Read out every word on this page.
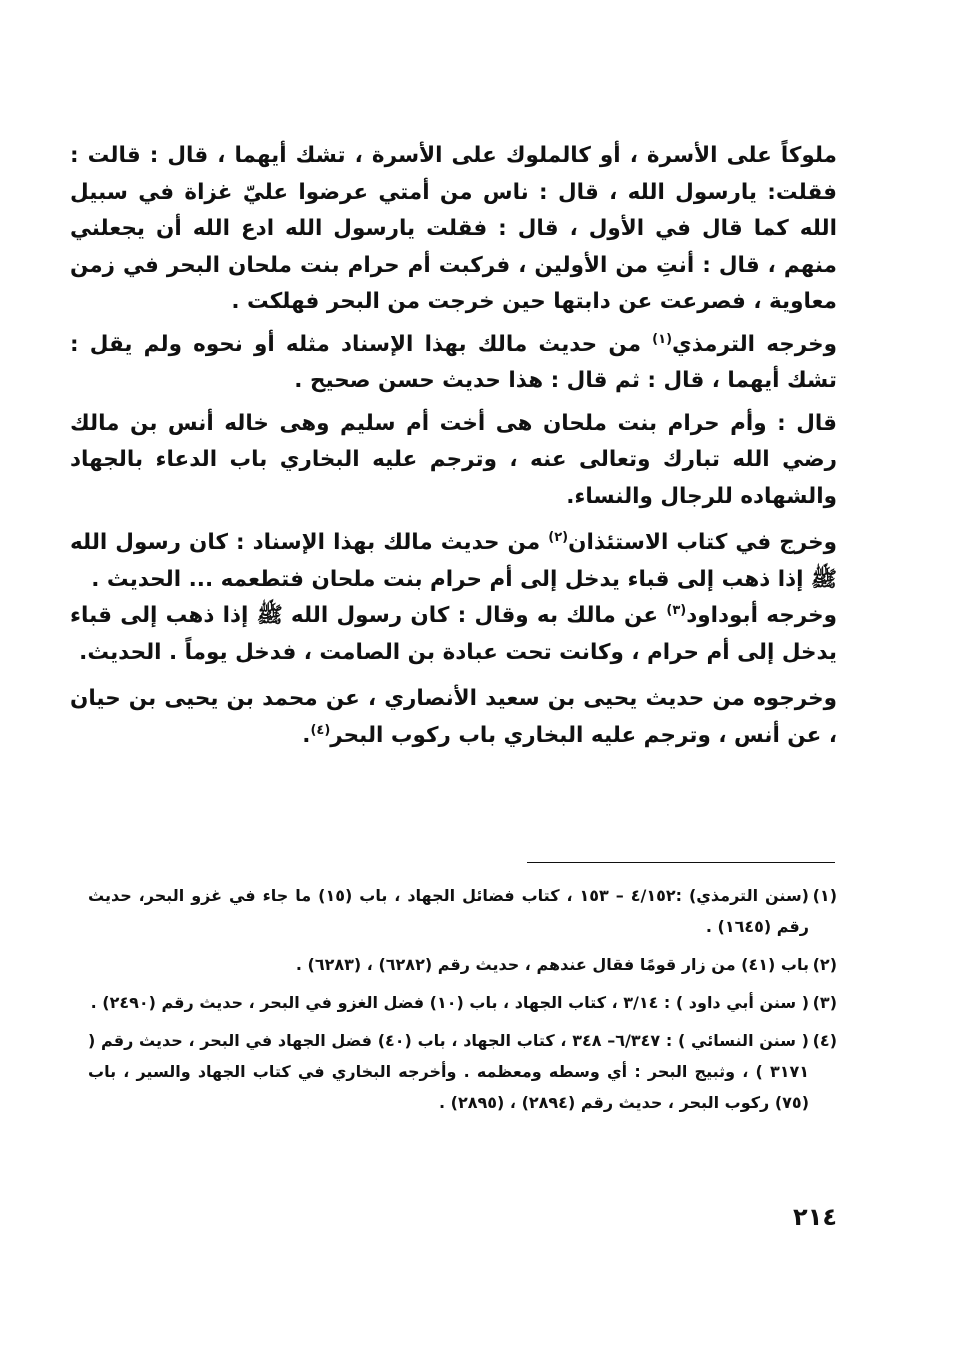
ملوكاً على الأسرة ، أو كالملوك على الأسرة ، تشك أيهما ، قال : قالت : فقلت: يارسول الله ، قال : ناس من أمتي عرضوا عليّ غزاة في سبيل الله كما قال في الأول ، قال : فقلت يارسول الله ادع الله أن يجعلني منهم ، قال : أنتِ من الأولين ، فركبت أم حرام بنت ملحان البحر في زمن معاوية ، فصرعت عن دابتها حين خرجت من البحر فهلكت .

وخرجه الترمذي$^{(١)}$ من حديث مالك بهذا الإسناد مثله أو نحوه ولم يقل : تشك أيهما ، قال : ثم قال : هذا حديث حسن صحيح .

قال : وأم حرام بنت ملحان هى أخت أم سليم وهى خاله أنس بن مالك رضي الله تبارك وتعالى عنه ، وترجم عليه البخاري باب الدعاء بالجهاد والشهاده للرجال والنساء.

وخرج في كتاب الاستئذان$^{(٢)}$ من حديث مالك بهذا الإسناد : كان رسول الله ﷺ إذا ذهب إلى قباء يدخل إلى أم حرام بنت ملحان فتطعمه ... الحديث .

وخرجه أبوداود$^{(٣)}$ عن مالك به وقال : كان رسول الله ﷺ إذا ذهب إلى قباء يدخل إلى أم حرام ، وكانت تحت عبادة بن الصامت ، فدخل يوماً . الحديث.

وخرجوه من حديث يحيى بن سعيد الأنصاري ، عن محمد بن يحيى بن حيان ، عن أنس ، وترجم عليه البخاري باب ركوب البحر$^{(٤)}$.

(١)(سنن الترمذي) :٤/١٥٢ – ١٥٣ ، كتاب فضائل الجهاد ، باب (١٥) ما جاء في غزو البحر، حديث رقم (١٦٤٥) .

(٢)باب (٤١) من زار قومًا فقال عندهم ، حديث رقم (٦٢٨٢) ، (٦٢٨٣) .

(٣)( سنن أبي داود ) : ٣/١٤ ، كتاب الجهاد ، باب (١٠) فضل الغزو في البحر ، حديث رقم (٢٤٩٠) .

(٤)( سنن النسائي ) : ٦/٣٤٧– ٣٤٨ ، كتاب الجهاد ، باب (٤٠) فضل الجهاد في البحر ، حديث رقم ( ٣١٧١ ) ، وثبيج البحر : أي وسطه ومعظمه . وأخرجه البخاري في كتاب الجهاد والسير ، باب (٧٥) ركوب البحر ، حديث رقم (٢٨٩٤) ، (٢٨٩٥) .

٢١٤
